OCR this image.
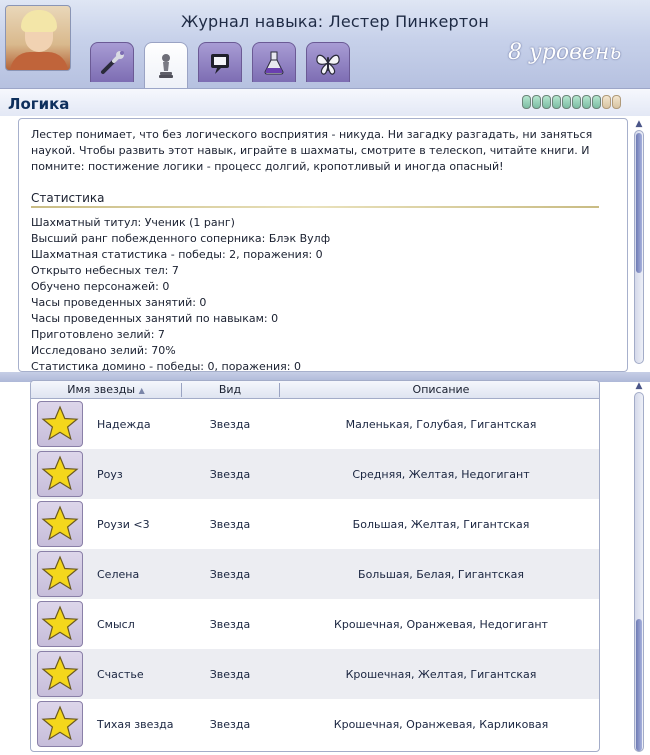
Журнал навыка: Лестер Пинкертон
8 уровень
Логика
Лестер понимает, что без логического восприятия - никуда. Ни загадку разгадать, ни заняться наукой. Чтобы развить этот навык, играйте в шахматы, смотрите в телескоп, читайте книги. И помните: постижение логики - процесс долгий, кропотливый и иногда опасный!
Статистика
Шахматный титул: Ученик (1 ранг)
Высший ранг побежденного соперника: Блэк Вулф
Шахматная статистика - победы: 2, поражения: 0
Открыто небесных тел: 7
Обучено персонажей: 0
Часы проведенных занятий: 0
Часы проведенных занятий по навыкам: 0
Приготовлено зелий: 7
Исследовано зелий: 70%
Статистика домино - победы: 0, поражения: 0
▲
Имя звезды ▲	Вид	Описание
Надежда	Звезда	Маленькая, Голубая, Гигантская
Роуз	Звезда	Средняя, Желтая, Недогигант
Роузи <3	Звезда	Большая, Желтая, Гигантская
Селена	Звезда	Большая, Белая, Гигантская
Смысл	Звезда	Крошечная, Оранжевая, Недогигант
Счастье	Звезда	Крошечная, Желтая, Гигантская
Тихая звезда	Звезда	Крошечная, Оранжевая, Карликовая
▲
